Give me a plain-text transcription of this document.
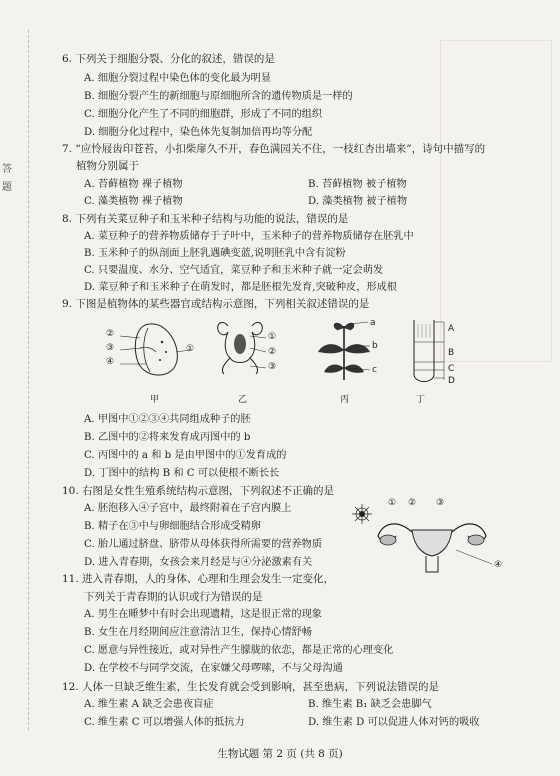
答
题
6. 下列关于细胞分裂、分化的叙述，错误的是
A. 细胞分裂过程中染色体的变化最为明显
B. 细胞分裂产生的新细胞与原细胞所含的遗传物质是一样的
C. 细胞分化产生了不同的细胞群，形成了不同的组织
D. 细胞分化过程中，染色体先复制加倍再均等分配
7. “应怜屐齿印苍苔，小扣柴扉久不开，春色满园关不住，一枝红杏出墙来”，诗句中描写的
植物分别属于
A. 苔藓植物 裸子植物	B. 苔藓植物 被子植物
C. 藻类植物 裸子植物	D. 藻类植物 被子植物
8. 下列有关菜豆种子和玉米种子结构与功能的说法，错误的是
A. 菜豆种子的营养物质储存于子叶中，玉米种子的营养物质储存在胚乳中
B. 玉米种子的纵剖面上胚乳遇碘变蓝,说明胚乳中含有淀粉
C. 只要温度、水分、空气适宜，菜豆种子和玉米种子就一定会萌发
D. 菜豆种子和玉米种子在萌发时，都是胚根先发育,突破种皮，形成根
9. 下图是植物体的某些器官或结构示意图，下列相关叙述错误的是
②
③
④
①
甲
①
②
③
乙
a
b
c
丙
A
B
C
D
丁
A. 甲图中①②③④共同组成种子的胚
B. 乙图中的②将来发育成丙图中的 b
C. 丙图中的 a 和 b 是由甲图中的①发育成的
D. 丁图中的结构 B 和 C 可以使根不断长长
10. 右图是女性生殖系统结构示意图，下列叙述不正确的是
A. 胚泡移入④子宫中，最终附着在子宫内膜上
B. 精子在③中与卵细胞结合形成受精卵
C. 胎儿通过脐盘、脐带从母体获得所需要的营养物质
D. 进入青春期，女孩会来月经是与④分泌激素有关
① ② ③
④
11. 进入青春期，人的身体、心理和生理会发生一定变化，
下列关于青春期的认识或行为错误的是
A. 男生在睡梦中有时会出现遗精，这是很正常的现象
B. 女生在月经期间应注意清洁卫生，保持心情舒畅
C. 愿意与异性接近，或对异性产生朦胧的依恋，都是正常的心理变化
D. 在学校不与同学交流，在家嫌父母啰嗦，不与父母沟通
12. 人体一旦缺乏维生素，生长发育就会受到影响，甚至患病，下列说法错误的是
A. 维生素 A 缺乏会患夜盲症	B. 维生素 B₁ 缺乏会患脚气
C. 维生素 C 可以增强人体的抵抗力	D. 维生素 D 可以促进人体对钙的吸收
生物试题 第 2 页 (共 8 页)
